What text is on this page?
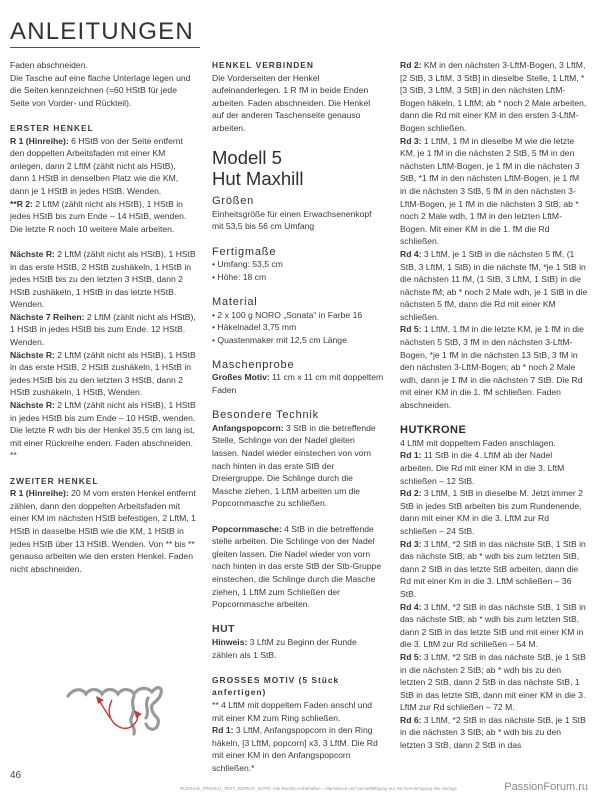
ANLEITUNGEN

Faden abschneiden.
Die Tasche auf eine flache Unterlage legen und die Seiten kennzeichnen (=60 HStB für jede Seite von Vorder- und Rückteil).

ERSTER HENKEL

R 1 (Hinreihe): 6 HStB von der Seite entfernt den doppelten Arbeitsfaden mit einer KM anlegen, dann 2 LftM (zählt nicht als HStB), dann 1 HStB in denselben Platz wie die KM, dann je 1 HStB in jedes HStB. Wenden.

**R 2: 2 LftM (zählt nicht als HStB), 1 HStB in jedes HStB bis zum Ende – 14 HStB, wenden.

Die letzte R noch 10 weitere Male arbeiten.

Nächste R: 2 LftM (zählt nicht als HStB), 1 HStB in das erste HStB, 2 HStB zushäkeln, 1 HStB in jedes HStB bis zu den letzten 3 HStB, dann 2 HStB zushäkeln, 1 HStB in das letzte HStB. Wenden.

Nächste 7 Reihen: 2 LftM (zählt nicht als HStB), 1 HStB in jedes HStB bis zum Ende. 12 HStB. Wenden.

Nächste R: 2 LftM (zählt nicht als HStB), 1 HStB in das erste HStB, 2 HStB zushäkeln, 1 HStB in jedes HStB bis zu den letzten 3 HStB, dann 2 HStB zushäkeln, 1 HStB, Wenden.

Nächste R: 2 LftM (zählt nicht als HStB), 1 HStB in jedes HStB bis zum Ende – 10 HStB, wenden.

Die letzte R wdh bis der Henkel 35,5 cm lang ist, mit einer Rückreihe enden. Faden abschneiden. **

ZWEITER HENKEL

R 1 (Hinreihe): 20 M vom ersten Henkel entfernt zählen, dann den doppelten Arbeitsfaden mit einer KM im nächsten HStB befestigen, 2 LftM, 1 HStB in dasselbe HStB wie die KM, 1 HStB in jedes HStB über 13 HStB. Wenden. Von ** bis ** genauso arbeiten wie den ersten Henkel. Faden nicht abschneiden.

HENKEL VERBINDEN

Die Vorderseiten der Henkel aufeinanderlegen. 1 R fM in beide Enden arbeiten. Faden abschneiden. Die Henkel auf der anderen Taschenseite genauso arbeiten.

Modell 5
Hut Maxhill
Größen

Einheitsgröße für einen Erwachsenenkopf mit 53,5 bis 56 cm Umfang

Fertigmaße
• Umfang: 53,5 cm
• Höhe: 18 cm
Material
• 2 x 100 g NORO „Sonata“ in Farbe 16
• Häkelnadel 3,75 mm
• Quastenmaker mit 12,5 cm Länge
Maschenprobe

Großes Motiv: 11 cm x 11 cm mit doppeltem Faden

Besondere Technik

Anfangspopcorn: 3 StB in die betreffende Stelle, Schlinge von der Nadel gleiten lassen. Nadel wieder einstechen von vorn nach hinten in das erste StB der Dreiergruppe. Die Schlinge durch die Masche ziehen, 1 LftM arbeiten um die Popcornmasche zu schließen.

Popcornmasche: 4 StB in die betreffende stelle arbeiten. Die Schlinge von der Nadel gleiten lassen. Die Nadel wieder von vorn nach hinten in das erste StB der Stb-Gruppe einstechen, die Schlinge durch die Masche ziehen, 1 LftM zum Schließen der Popcornmasche arbeiten.

HUT

Hinweis: 3 LftM zu Beginn der Runde zählen als 1 StB.

GROSSES MOTIV (5 Stück anfertigen)

** 4 LftM mit doppeltem Faden anschl und mit einer KM zum Ring schließen.

Rd 1: 3 LftM, Anfangspopcorn in den Ring häkeln, [3 LftM, popcorn] x3, 3 LftM. Die Rd mit einer KM in den Anfangspopcorn schließen.*

Rd 2: KM in den nächsten 3-LftM-Bogen, 3 LftM, [2 StB, 3 LftM, 3 StB] in dieselbe Stelle, 1 LftM, *[3 StB, 3 LftM, 3 StB] in den nächsten LftM-Bogen häkeln, 1 LftM; ab * noch 2 Male arbeiten, dann die Rd mit einer KM in den ersten 3-LftM-Bogen schließen.

Rd 3: 1 LftM, 1 fM in dieselbe M wie die letzte KM, je 1 fM in die nächsten 2 StB, 5 fM in den nächsten LftM-Bogen, je 1 fM in die nächsten 3 StB, *1 fM in den nächsten LftM-Bogen, je 1 fM in die nächsten 3 StB, 5 fM in den nächsten 3-LftM-Bogen, je 1 fM in die nächsten 3 StB; ab * noch 2 Male wdh, 1 fM in den letzten LftM-Bogen. Mit einer KM in die 1. fM die Rd schließen.

Rd 4: 3 LftM, je 1 StB in die nächsten 5 fM, (1 StB, 3 LftM, 1 StB) in die nächste fM, *je 1 StB in die nächsten 11 fM, (1 StB, 3 LftM, 1 StB) in die nächste fM; ab * noch 2 Male wdh, je 1 StB in die nächsten 5 fM, dann die Rd mit einer KM schließen.

Rd 5: 1 LftM, 1 fM in die letzte KM, je 1 fM in die nächsten 5 StB, 3 fM in den nächsten 3-LftM-Bogen, *je 1 fM in die nächsten 13 StB, 3 fM in den nächsten 3-LftM-Bogen; ab * noch 2 Male wdh, dann je 1 fM in die nächsten 7 StB. Die Rd mit einer KM in die 1. fM schließen. Faden abschneiden.

HUTKRONE

4 LftM mit doppeltem Faden anschlagen.

Rd 1: 11 StB in die 4. LftM ab der Nadel arbeiten. Die Rd mit einer KM in die 3. LftM schließen – 12 StB.

Rd 2: 3 LftM, 1 StB in dieselbe M. Jetzt immer 2 StB in jedes StB arbeiten bis zum Rundenende, dann mit einer KM in die 3. LftM zur Rd schließen – 24 StB.

Rd 3: 3 LftM, *2 StB in das nächste StB, 1 StB in das nächste StB; ab * wdh bis zum letzten StB, dann 2 StB in das letzte StB arbeiten, dann die Rd mit einer Km in die 3. LftM schließen – 36 StB.

Rd 4: 3 LftM, *2 StB in das nächste StB, 1 StB in das nächste StB; ab * wdh bis zum letzten StB, dann 2 StB in das letzte StB und mit einer KM in die 3. LftM zur Rd schließen – 54 M.

Rd 5: 3 LftM, *2 StB in das nächste StB, je 1 StB in die nächsten 2 StB; ab * wdh bis zu den letzten 2 StB, dann 2 StB in das nächste StB, 1 StB in das letzte StB, dann mit einer KM in die 3. LftM zur Rd schließen – 72 M.

Rd 6: 3 LftM, *2 StB in das nächste StB, je 1 StB in die nächsten 3 StB; ab * wdh bis zu den letzten 3 StB, dann 2 StB in das

46
RUSSIAN_FRENCH_TEXT_REPEAT_NOTE: Alle Rechte vorbehalten – Nachdruck und Vervielfältigung nur mit Genehmigung des Verlags	PassionForum.ru
